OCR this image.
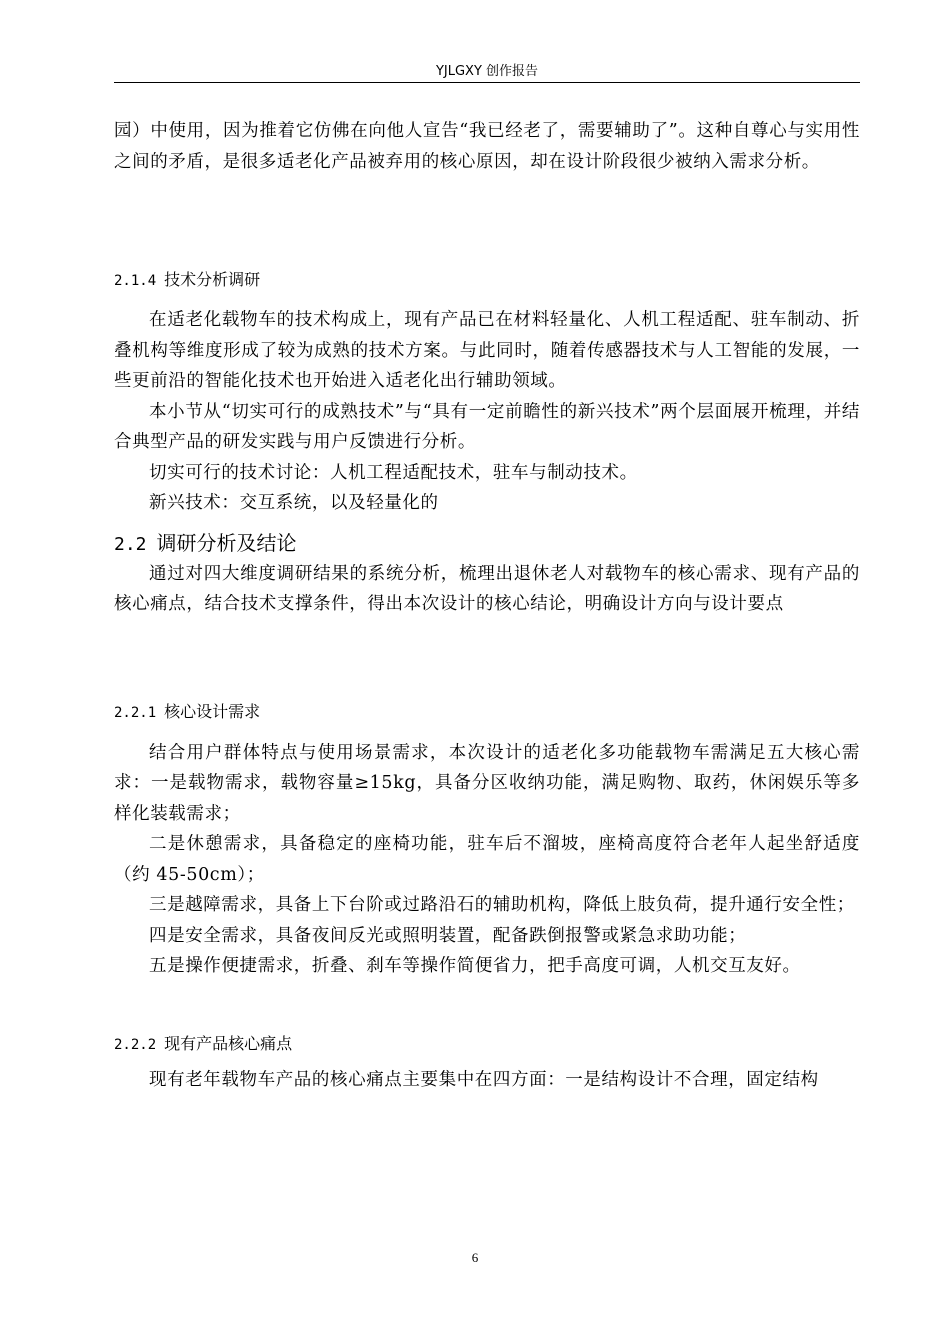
YJLGXY 创作报告

园）中使用，因为推着它仿佛在向他人宣告“我已经老了，需要辅助了”。这种自尊心与实用性之间的矛盾，是很多适老化产品被弃用的核心原因，却在设计阶段很少被纳入需求分析。

2.1.4 技术分析调研

在适老化载物车的技术构成上，现有产品已在材料轻量化、人机工程适配、驻车制动、折叠机构等维度形成了较为成熟的技术方案。与此同时，随着传感器技术与人工智能的发展，一些更前沿的智能化技术也开始进入适老化出行辅助领域。

本小节从“切实可行的成熟技术”与“具有一定前瞻性的新兴技术”两个层面展开梳理，并结合典型产品的研发实践与用户反馈进行分析。

切实可行的技术讨论：人机工程适配技术，驻车与制动技术。

新兴技术：交互系统，以及轻量化的

2.2 调研分析及结论

通过对四大维度调研结果的系统分析，梳理出退休老人对载物车的核心需求、现有产品的核心痛点，结合技术支撑条件，得出本次设计的核心结论，明确设计方向与设计要点

2.2.1 核心设计需求

结合用户群体特点与使用场景需求，本次设计的适老化多功能载物车需满足五大核心需求：一是载物需求，载物容量≥15kg，具备分区收纳功能，满足购物、取药，休闲娱乐等多样化装载需求；

二是休憩需求，具备稳定的座椅功能，驻车后不溜坡，座椅高度符合老年人起坐舒适度（约 45-50cm）；

三是越障需求，具备上下台阶或过路沿石的辅助机构，降低上肢负荷，提升通行安全性；

四是安全需求，具备夜间反光或照明装置，配备跌倒报警或紧急求助功能；

五是操作便捷需求，折叠、刹车等操作简便省力，把手高度可调，人机交互友好。

2.2.2 现有产品核心痛点

现有老年载物车产品的核心痛点主要集中在四方面：一是结构设计不合理，固定结构

6
